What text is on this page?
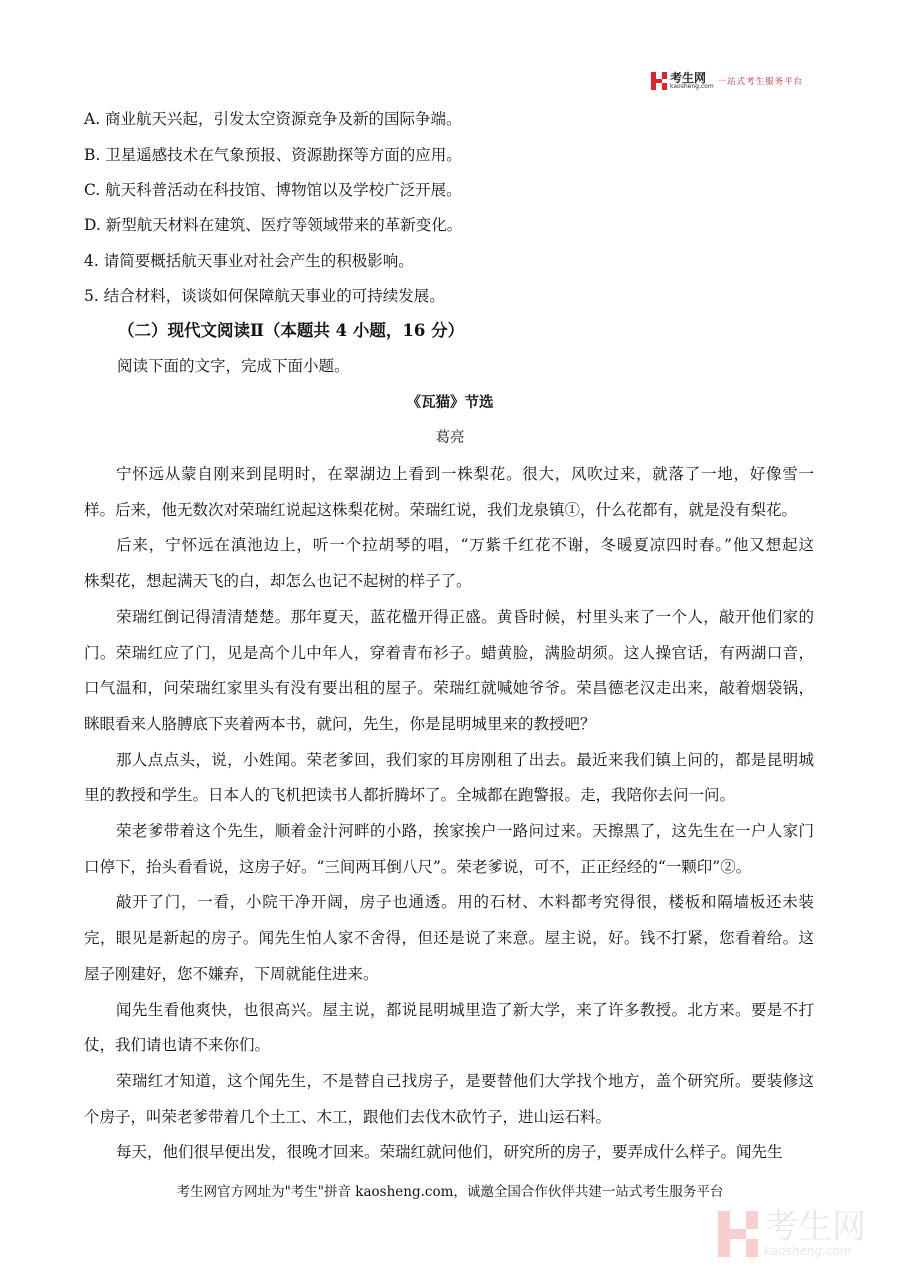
考生网
kaosheng.com 一站式考生服务平台
A. 商业航天兴起，引发太空资源竞争及新的国际争端。
B. 卫星遥感技术在气象预报、资源勘探等方面的应用。
C. 航天科普活动在科技馆、博物馆以及学校广泛开展。
D. 新型航天材料在建筑、医疗等领域带来的革新变化。
4. 请简要概括航天事业对社会产生的积极影响。
5. 结合材料，谈谈如何保障航天事业的可持续发展。
（二）现代文阅读Ⅱ（本题共 4 小题，16 分）
阅读下面的文字，完成下面小题。
《瓦猫》节选
葛亮
宁怀远从蒙自刚来到昆明时，在翠湖边上看到一株梨花。很大，风吹过来，就落了一地，好像雪一
样。后来，他无数次对荣瑞红说起这株梨花树。荣瑞红说，我们龙泉镇①，什么花都有，就是没有梨花。
后来，宁怀远在滇池边上，听一个拉胡琴的唱，“万紫千红花不谢，冬暖夏凉四时春。”他又想起这
株梨花，想起满天飞的白，却怎么也记不起树的样子了。
荣瑞红倒记得清清楚楚。那年夏天，蓝花楹开得正盛。黄昏时候，村里头来了一个人，敲开他们家的
门。荣瑞红应了门，见是高个儿中年人，穿着青布衫子。蜡黄脸，满脸胡须。这人操官话，有两湖口音，
口气温和，问荣瑞红家里头有没有要出租的屋子。荣瑞红就喊她爷爷。荣昌德老汉走出来，敲着烟袋锅，
眯眼看来人胳膊底下夹着两本书，就问，先生，你是昆明城里来的教授吧？
那人点点头，说，小姓闻。荣老爹回，我们家的耳房刚租了出去。最近来我们镇上问的，都是昆明城
里的教授和学生。日本人的飞机把读书人都折腾坏了。全城都在跑警报。走，我陪你去问一问。
荣老爹带着这个先生，顺着金汁河畔的小路，挨家挨户一路问过来。天擦黑了，这先生在一户人家门
口停下，抬头看看说，这房子好。“三间两耳倒八尺”。荣老爹说，可不，正正经经的“一颗印”②。
敲开了门，一看，小院干净开阔，房子也通透。用的石材、木料都考究得很，楼板和隔墙板还未装
完，眼见是新起的房子。闻先生怕人家不舍得，但还是说了来意。屋主说，好。钱不打紧，您看着给。这
屋子刚建好，您不嫌弃，下周就能住进来。
闻先生看他爽快，也很高兴。屋主说，都说昆明城里造了新大学，来了许多教授。北方来。要是不打
仗，我们请也请不来你们。
荣瑞红才知道，这个闻先生，不是替自己找房子，是要替他们大学找个地方，盖个研究所。要装修这
个房子，叫荣老爹带着几个土工、木工，跟他们去伐木砍竹子，进山运石料。
每天，他们很早便出发，很晚才回来。荣瑞红就问他们，研究所的房子，要弄成什么样子。闻先生
考生网官方网址为"考生"拼音 kaosheng.com，诚邀全国合作伙伴共建一站式考生服务平台
考生网
kaosheng.com
